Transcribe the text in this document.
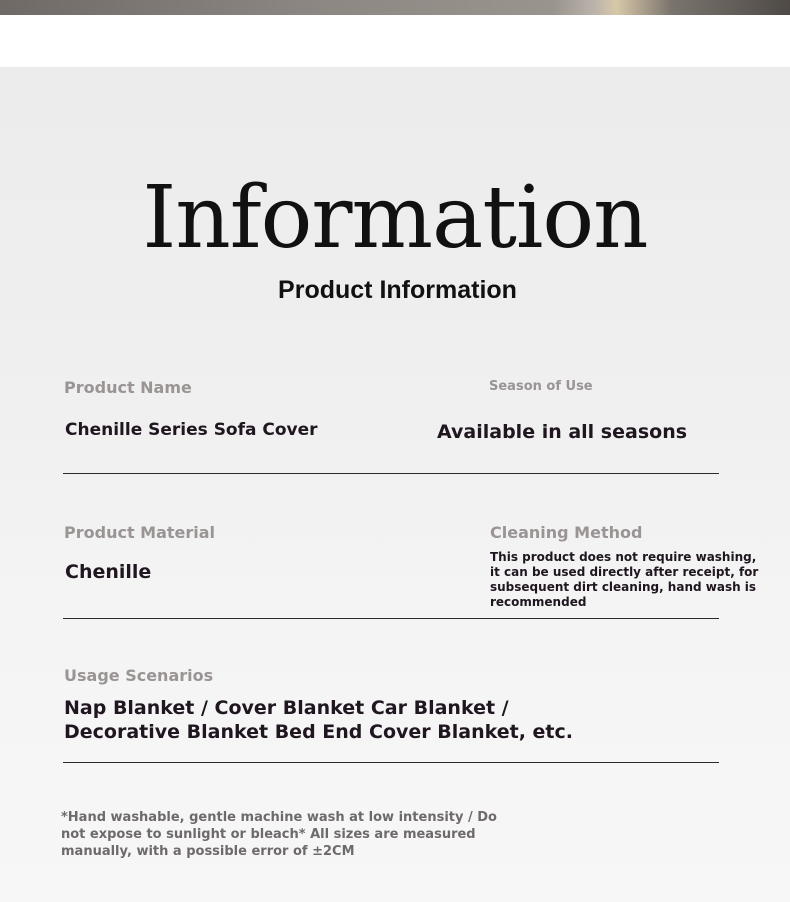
Information
Product Information
Product Name
Chenille Series Sofa Cover
Season of Use
Available in all seasons
Product Material
Chenille
Cleaning Method
This product does not require washing, it can be used directly after receipt, for subsequent dirt cleaning, hand wash is recommended
Usage Scenarios
Nap Blanket / Cover Blanket Car Blanket / Decorative Blanket Bed End Cover Blanket, etc.
*Hand washable, gentle machine wash at low intensity / Do not expose to sunlight or bleach* All sizes are measured manually, with a possible error of ±2CM
